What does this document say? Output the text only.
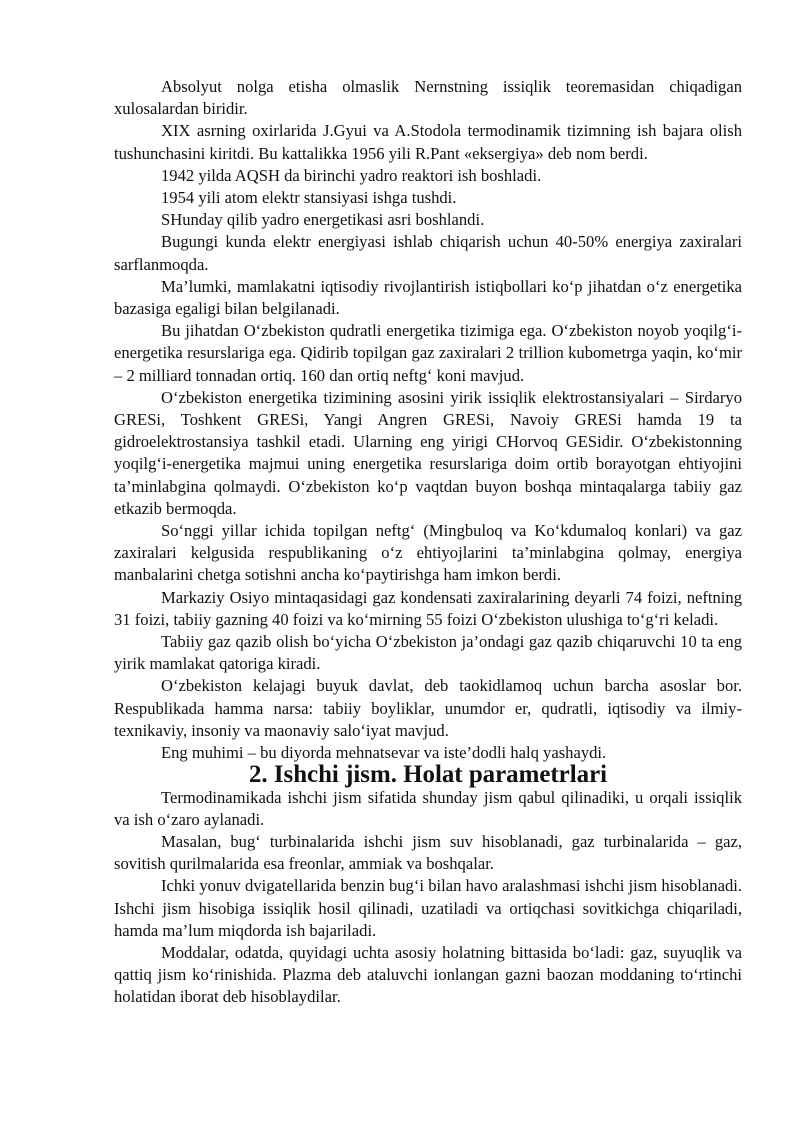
Absolyut nolga etisha olmaslik Nernstning issiqlik teoremasidan chiqadigan xulosalardan biridir.

XIX asrning oxirlarida J.Gyui va A.Stodola termodinamik tizimning ish bajara olish tushunchasini kiritdi. Bu kattalikka 1956 yili R.Pant «eksergiya» deb nom berdi.

1942 yilda AQSH da birinchi yadro reaktori ish boshladi.

1954 yili atom elektr stansiyasi ishga tushdi.

SHunday qilib yadro energetikasi asri boshlandi.

Bugungi kunda elektr energiyasi ishlab chiqarish uchun 40-50% energiya zaxiralari sarflanmoqda.

Ma’lumki, mamlakatni iqtisodiy rivojlantirish istiqbollari ko‘p jihatdan o‘z energetika bazasiga egaligi bilan belgilanadi.

Bu jihatdan O‘zbekiston qudratli energetika tizimiga ega. O‘zbekiston noyob yoqilg‘i-energetika resurslariga ega. Qidirib topilgan gaz zaxiralari 2 trillion kubometrga yaqin, ko‘mir – 2 milliard tonnadan ortiq. 160 dan ortiq neftg‘ koni mavjud.

O‘zbekiston energetika tizimining asosini yirik issiqlik elektrostansiyalari – Sirdaryo GRESi, Toshkent GRESi, Yangi Angren GRESi, Navoiy GRESi hamda 19 ta gidroelektrostansiya tashkil etadi. Ularning eng yirigi CHorvoq GESidir. O‘zbekistonning yoqilg‘i-energetika majmui uning energetika resurslariga doim ortib borayotgan ehtiyojini ta’minlabgina qolmaydi. O‘zbekiston ko‘p vaqtdan buyon boshqa mintaqalarga tabiiy gaz etkazib bermoqda.

So‘nggi yillar ichida topilgan neftg‘ (Mingbuloq va Ko‘kdumaloq konlari) va gaz zaxiralari kelgusida respublikaning o‘z ehtiyojlarini ta’minlabgina qolmay, energiya manbalarini chetga sotishni ancha ko‘paytirishga ham imkon berdi.

Markaziy Osiyo mintaqasidagi gaz kondensati zaxiralarining deyarli 74 foizi, neftning 31 foizi, tabiiy gazning 40 foizi va ko‘mirning 55 foizi O‘zbekiston ulushiga to‘g‘ri keladi.

Tabiiy gaz qazib olish bo‘yicha O‘zbekiston ja’ondagi gaz qazib chiqaruvchi 10 ta eng yirik mamlakat qatoriga kiradi.

O‘zbekiston kelajagi buyuk davlat, deb taokidlamoq uchun barcha asoslar bor. Respublikada hamma narsa: tabiiy boyliklar, unumdor er, qudratli, iqtisodiy va ilmiy-texnikaviy, insoniy va maonaviy salo‘iyat mavjud.

Eng muhimi – bu diyorda mehnatsevar va iste’dodli halq yashaydi.

2. Ishchi jism. Holat parametrlari

Termodinamikada ishchi jism sifatida shunday jism qabul qilinadiki, u orqali issiqlik va ish o‘zaro aylanadi.

Masalan, bug‘ turbinalarida ishchi jism suv hisoblanadi, gaz turbinalarida – gaz, sovitish qurilmalarida esa freonlar, ammiak va boshqalar.

Ichki yonuv dvigatellarida benzin bug‘i bilan havo aralashmasi ishchi jism hisoblanadi. Ishchi jism hisobiga issiqlik hosil qilinadi, uzatiladi va ortiqchasi sovitkichga chiqariladi, hamda ma’lum miqdorda ish bajariladi.

Moddalar, odatda, quyidagi uchta asosiy holatning bittasida bo‘ladi: gaz, suyuqlik va qattiq jism ko‘rinishida. Plazma deb ataluvchi ionlangan gazni baozan moddaning to‘rtinchi holatidan iborat deb hisoblaydilar.
